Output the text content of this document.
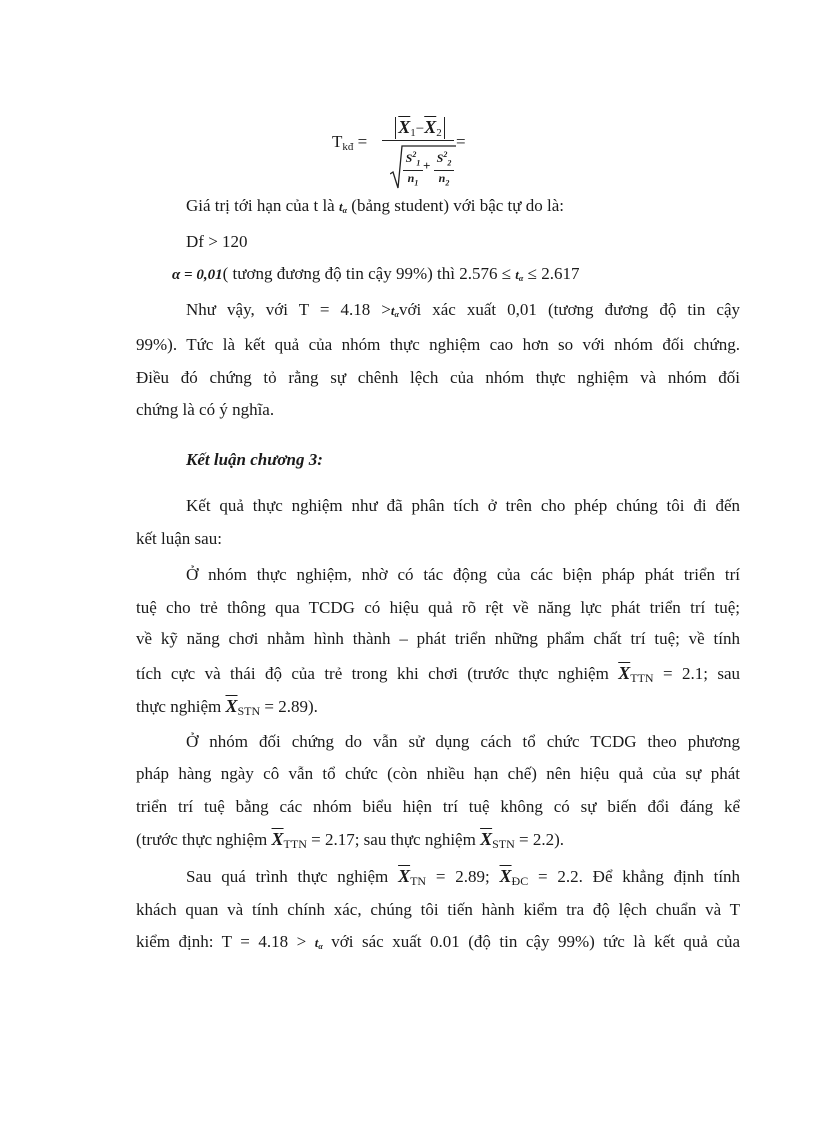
$T_{kđ}$ =
$\overline{X}_1-\overline{X}_2$ =
$\frac{S^2_1}{n_1} + \frac{S^2_2}{n_2}$
Giá trị tới hạn của t là tα (bảng student) với bậc tự do là:
Df > 120
α = 0,01( tương đương độ tin cậy 99%) thì 2.576 ≤ tα ≤ 2.617
Như vậy, với T = 4.18 >tαvới xác xuất 0,01 (tương đương độ tin cậy
99%). Tức là kết quả của nhóm thực nghiệm cao hơn so với nhóm đối chứng.
Điều đó chứng tỏ rằng sự chênh lệch của nhóm thực nghiệm và nhóm đối
chứng là có ý nghĩa.
Kết luận chương 3:
Kết quả thực nghiệm như đã phân tích ở trên cho phép chúng tôi đi đến
kết luận sau:
Ở nhóm thực nghiệm, nhờ có tác động của các biện pháp phát triển trí
tuệ cho trẻ thông qua TCDG có hiệu quả rõ rệt về năng lực phát triển trí tuệ;
về kỹ năng chơi nhằm hình thành – phát triển những phẩm chất trí tuệ; về tính
tích cực và thái độ của trẻ trong khi chơi (trước thực nghiệm $\overline{X}TTN = 2.1$; sau
thực nghiệm $\overline{X}STN = 2.89$).
Ở nhóm đối chứng do vẫn sử dụng cách tổ chức TCDG theo phương
pháp hàng ngày cô vẫn tổ chức (còn nhiều hạn chế) nên hiệu quả của sự phát
triển trí tuệ bằng các nhóm biểu hiện trí tuệ không có sự biến đổi đáng kể
(trước thực nghiệm $\overline{X}TTN = 2.17$; sau thực nghiệm $\overline{X}STN = 2.2$).
Sau quá trình thực nghiệm $\overline{X}TN = 2.89$; $\overline{X}ĐC = 2.2$. Để khẳng định tính
khách quan và tính chính xác, chúng tôi tiến hành kiểm tra độ lệch chuẩn và T
kiểm định: T = 4.18 > tα với sác xuất 0.01 (độ tin cậy 99%) tức là kết quả của
